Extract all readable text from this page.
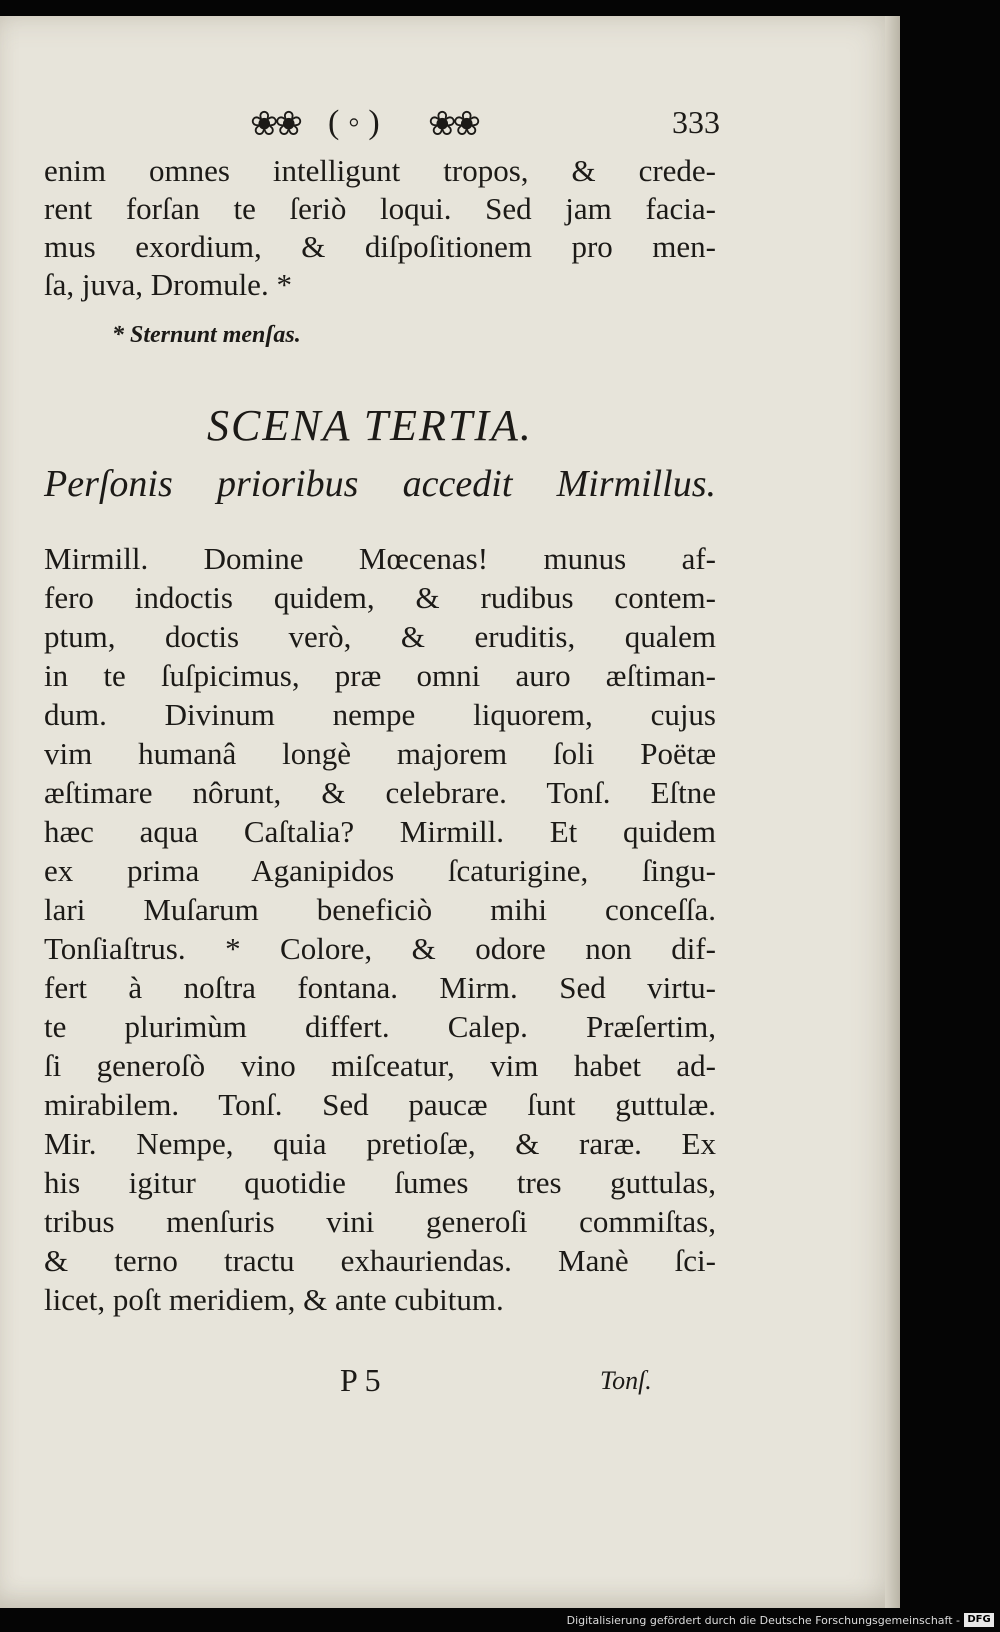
❀❀ ( ◦ ) ❀❀	333
enim omnes intelligunt tropos, & crede-
rent forſan te ſeriò loqui. Sed jam facia-
mus exordium, & diſpoſitionem pro men-
ſa, juva, Dromule. *
* Sternunt menſas.
SCENA TERTIA.
Perſonis prioribus accedit Mirmillus.
Mirmill. Domine Mœcenas! munus af-
fero indoctis quidem, & rudibus contem-
ptum, doctis verò, & eruditis, qualem
in te ſuſpicimus, præ omni auro æſtiman-
dum. Divinum nempe liquorem, cujus
vim humanâ longè majorem ſoli Poëtæ
æſtimare nôrunt, & celebrare. Tonſ. Eſtne
hæc aqua Caſtalia? Mirmill. Et quidem
ex prima Aganipidos ſcaturigine, ſingu-
lari Muſarum beneficiò mihi conceſſa.
Tonſiaſtrus. * Colore, & odore non dif-
fert à noſtra fontana. Mirm. Sed virtu-
te plurimùm differt. Calep. Præſertim,
ſi generoſò vino miſceatur, vim habet ad-
mirabilem. Tonſ. Sed paucæ ſunt guttulæ.
Mir. Nempe, quia pretioſæ, & raræ. Ex
his igitur quotidie ſumes tres guttulas,
tribus menſuris vini generoſi commiſtas,
& terno tractu exhauriendas. Manè ſci-
licet, poſt meridiem, & ante cubitum.
P 5	Tonſ.
Digitalisierung gefördert durch die Deutsche Forschungsgemeinschaft - DFG
